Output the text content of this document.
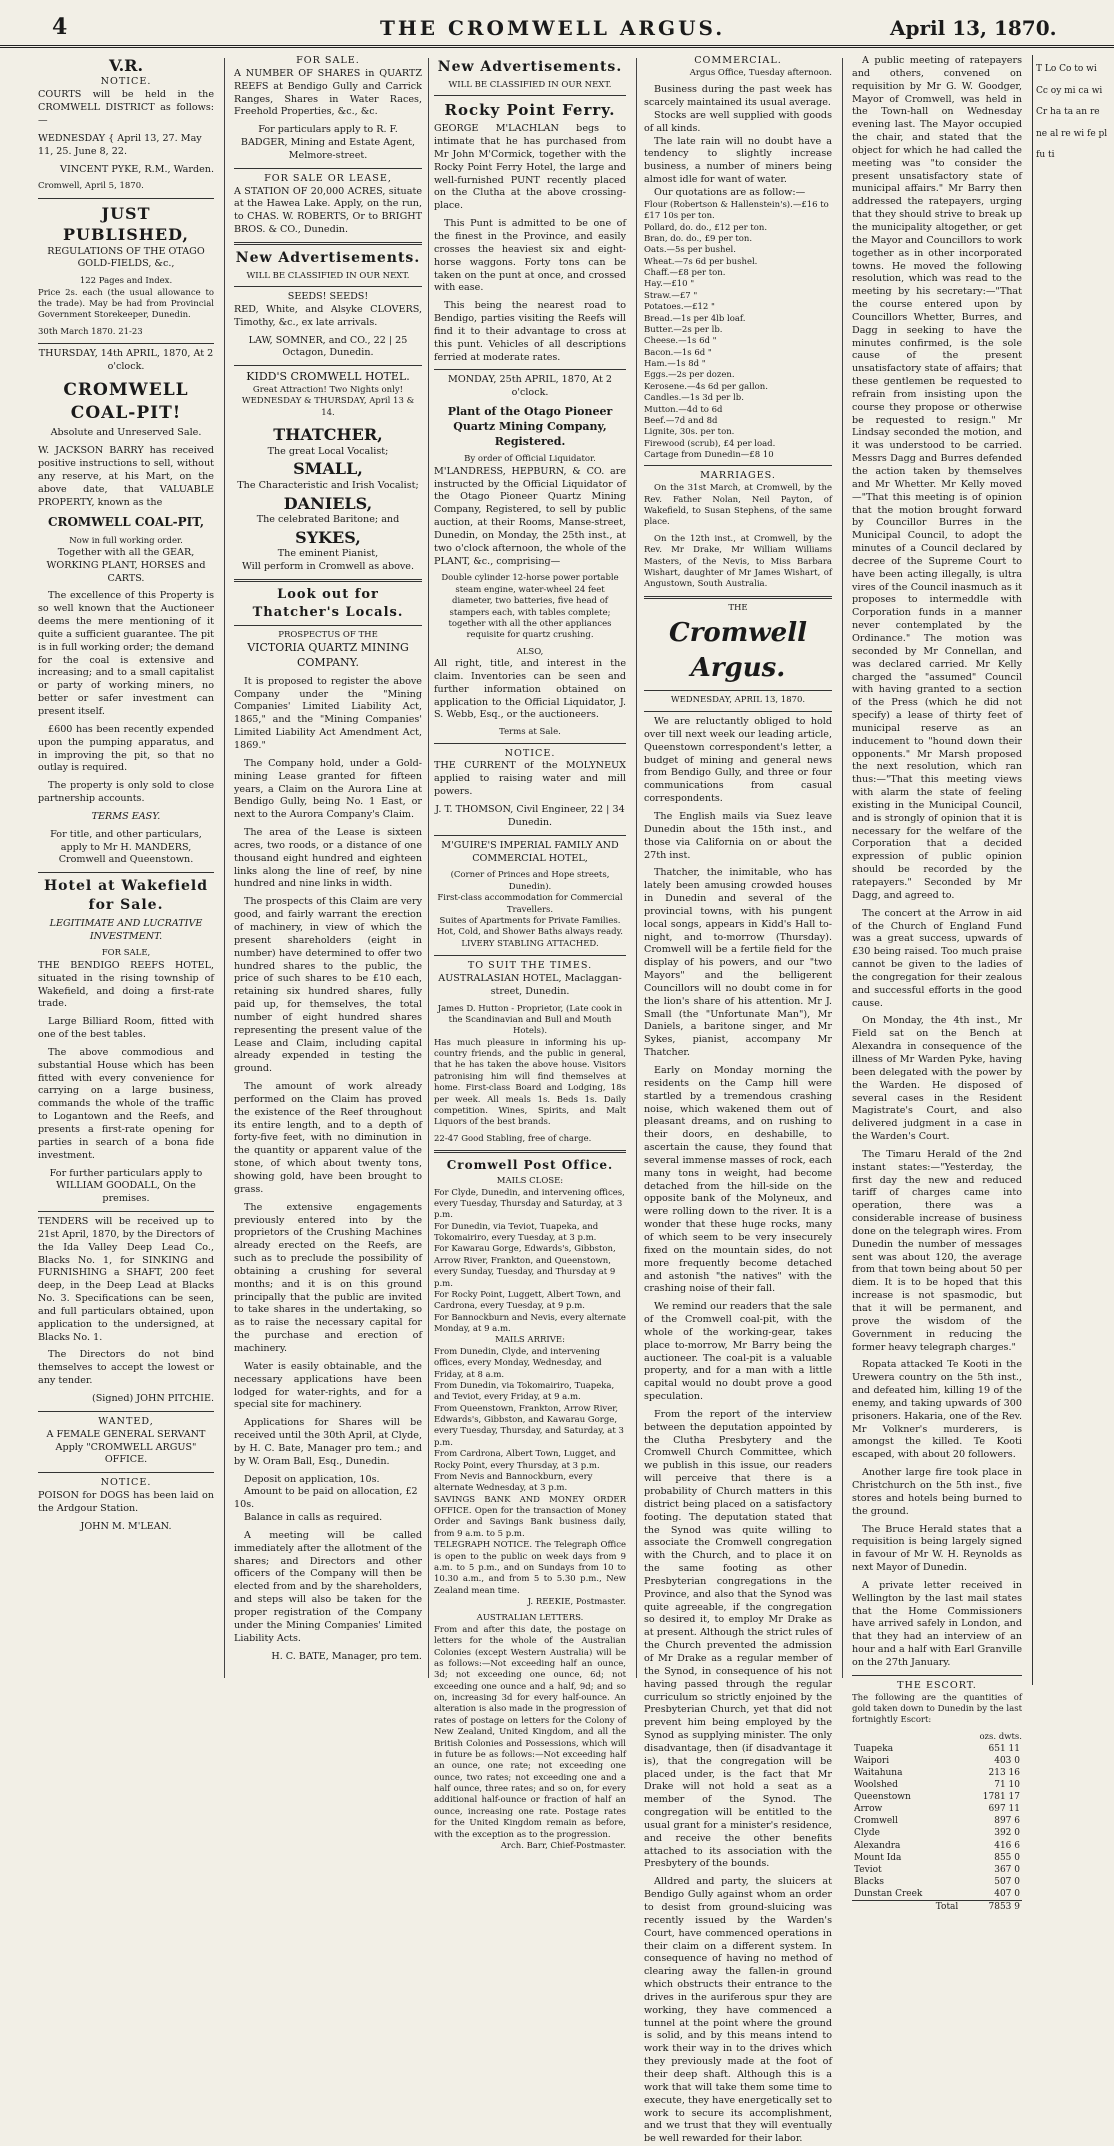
4	THE CROMWELL ARGUS.	April 13, 1870.
V.R.
NOTICE.
COURTS will be held in the CROMWELL DISTRICT as follows:—
WEDNESDAY { April 13, 27. May 11, 25. June 8, 22.
VINCENT PYKE, R.M., Warden.
Cromwell, April 5, 1870.
JUST PUBLISHED,
REGULATIONS OF THE OTAGO GOLD-FIELDS, &c.,
122 Pages and Index.
Price 2s. each (the usual allowance to the trade). May be had from Provincial Government Storekeeper, Dunedin.
30th March 1870. 21-23
THURSDAY, 14th APRIL, 1870, At 2 o'clock.
CROMWELL COAL-PIT!
Absolute and Unreserved Sale.
W. JACKSON BARRY has received positive instructions to sell, without any reserve, at his Mart, on the above date, that VALUABLE PROPERTY, known as the
CROMWELL COAL-PIT,
Now in full working order.
Together with all the GEAR, WORKING PLANT, HORSES and CARTS.
The excellence of this Property is so well known that the Auctioneer deems the mere mentioning of it quite a sufficient guarantee. The pit is in full working order; the demand for the coal is extensive and increasing; and to a small capitalist or party of working miners, no better or safer investment can present itself.
£600 has been recently expended upon the pumping apparatus, and in improving the pit, so that no outlay is required.
The property is only sold to close partnership accounts.
TERMS EASY.
For title, and other particulars, apply to Mr H. MANDERS, Cromwell and Queenstown.
Hotel at Wakefield for Sale.
LEGITIMATE AND LUCRATIVE INVESTMENT.
FOR SALE,
THE BENDIGO REEFS HOTEL, situated in the rising township of Wakefield, and doing a first-rate trade.
Large Billiard Room, fitted with one of the best tables.
The above commodious and substantial House which has been fitted with every convenience for carrying on a large business, commands the whole of the traffic to Logantown and the Reefs, and presents a first-rate opening for parties in search of a bona fide investment.
For further particulars apply to WILLIAM GOODALL, On the premises.
TENDERS will be received up to 21st April, 1870, by the Directors of the Ida Valley Deep Lead Co., Blacks No. 1, for SINKING and FURNISHING a SHAFT, 200 feet deep, in the Deep Lead at Blacks No. 3. Specifications can be seen, and full particulars obtained, upon application to the undersigned, at Blacks No. 1.
The Directors do not bind themselves to accept the lowest or any tender.
(Signed) JOHN PITCHIE.
WANTED,
A FEMALE GENERAL SERVANT Apply "CROMWELL ARGUS" OFFICE.
NOTICE.
POISON for DOGS has been laid on the Ardgour Station.
JOHN M. M'LEAN.
FOR SALE.
A NUMBER OF SHARES in QUARTZ REEFS at Bendigo Gully and Carrick Ranges, Shares in Water Races, Freehold Properties, &c., &c.
For particulars apply to R. F. BADGER, Mining and Estate Agent, Melmore-street.
FOR SALE OR LEASE,
A STATION OF 20,000 ACRES, situate at the Hawea Lake. Apply, on the run, to CHAS. W. ROBERTS, Or to BRIGHT BROS. & CO., Dunedin.
New Advertisements.
WILL BE CLASSIFIED IN OUR NEXT.
SEEDS! SEEDS!
RED, White, and Alsyke CLOVERS, Timothy, &c., ex late arrivals.
LAW, SOMNER, and CO., 22 | 25 Octagon, Dunedin.
KIDD'S CROMWELL HOTEL.
Great Attraction! Two Nights only!
WEDNESDAY & THURSDAY, April 13 & 14.
THATCHER,
The great Local Vocalist;
SMALL,
The Characteristic and Irish Vocalist;
DANIELS,
The celebrated Baritone; and
SYKES,
The eminent Pianist,
Will perform in Cromwell as above.
Look out for Thatcher's Locals.
PROSPECTUS OF THE
VICTORIA QUARTZ MINING COMPANY.
It is proposed to register the above Company under the "Mining Companies' Limited Liability Act, 1865," and the "Mining Companies' Limited Liability Act Amendment Act, 1869."
The Company hold, under a Gold-mining Lease granted for fifteen years, a Claim on the Aurora Line at Bendigo Gully, being No. 1 East, or next to the Aurora Company's Claim.
The area of the Lease is sixteen acres, two roods, or a distance of one thousand eight hundred and eighteen links along the line of reef, by nine hundred and nine links in width.
The prospects of this Claim are very good, and fairly warrant the erection of machinery, in view of which the present shareholders (eight in number) have determined to offer two hundred shares to the public, the price of such shares to be £10 each, retaining six hundred shares, fully paid up, for themselves, the total number of eight hundred shares representing the present value of the Lease and Claim, including capital already expended in testing the ground.
The amount of work already performed on the Claim has proved the existence of the Reef throughout its entire length, and to a depth of forty-five feet, with no diminution in the quantity or apparent value of the stone, of which about twenty tons, showing gold, have been brought to grass.
The extensive engagements previously entered into by the proprietors of the Crushing Machines already erected on the Reefs, are such as to preclude the possibility of obtaining a crushing for several months; and it is on this ground principally that the public are invited to take shares in the undertaking, so as to raise the necessary capital for the purchase and erection of machinery.
Water is easily obtainable, and the necessary applications have been lodged for water-rights, and for a special site for machinery.
Applications for Shares will be received until the 30th April, at Clyde, by H. C. Bate, Manager pro tem.; and by W. Oram Ball, Esq., Dunedin.
Deposit on application, 10s.
Amount to be paid on allocation, £2 10s.
Balance in calls as required.
A meeting will be called immediately after the allotment of the shares; and Directors and other officers of the Company will then be elected from and by the shareholders, and steps will also be taken for the proper registration of the Company under the Mining Companies' Limited Liability Acts.
H. C. BATE, Manager, pro tem.
New Advertisements.
WILL BE CLASSIFIED IN OUR NEXT.
Rocky Point Ferry.
GEORGE M'LACHLAN begs to intimate that he has purchased from Mr John M'Cormick, together with the Rocky Point Ferry Hotel, the large and well-furnished PUNT recently placed on the Clutha at the above crossing-place.
This Punt is admitted to be one of the finest in the Province, and easily crosses the heaviest six and eight-horse waggons. Forty tons can be taken on the punt at once, and crossed with ease.
This being the nearest road to Bendigo, parties visiting the Reefs will find it to their advantage to cross at this punt. Vehicles of all descriptions ferried at moderate rates.
MONDAY, 25th APRIL, 1870, At 2 o'clock.
Plant of the Otago Pioneer Quartz Mining Company, Registered.
By order of Official Liquidator.
M'LANDRESS, HEPBURN, & CO. are instructed by the Official Liquidator of the Otago Pioneer Quartz Mining Company, Registered, to sell by public auction, at their Rooms, Manse-street, Dunedin, on Monday, the 25th inst., at two o'clock afternoon, the whole of the PLANT, &c., comprising—
Double cylinder 12-horse power portable steam engine, water-wheel 24 feet diameter, two batteries, five head of stampers each, with tables complete; together with all the other appliances requisite for quartz crushing.
ALSO,
All right, title, and interest in the claim. Inventories can be seen and further information obtained on application to the Official Liquidator, J. S. Webb, Esq., or the auctioneers.
Terms at Sale.
NOTICE.
THE CURRENT of the MOLYNEUX applied to raising water and mill powers.
J. T. THOMSON, Civil Engineer, 22 | 34 Dunedin.
M'GUIRE'S IMPERIAL FAMILY AND COMMERCIAL HOTEL,
(Corner of Princes and Hope streets, Dunedin).
First-class accommodation for Commercial Travellers.
Suites of Apartments for Private Families.
Hot, Cold, and Shower Baths always ready.
LIVERY STABLING ATTACHED.
TO SUIT THE TIMES.
AUSTRALASIAN HOTEL, Maclaggan-street, Dunedin.
James D. Hutton - Proprietor, (Late cook in the Scandinavian and Bull and Mouth Hotels).
Has much pleasure in informing his up-country friends, and the public in general, that he has taken the above house. Visitors patronising him will find themselves at home. First-class Board and Lodging, 18s per week. All meals 1s. Beds 1s. Daily competition. Wines, Spirits, and Malt Liquors of the best brands.
22-47 Good Stabling, free of charge.
Cromwell Post Office.
MAILS CLOSE:
For Clyde, Dunedin, and intervening offices, every Tuesday, Thursday and Saturday, at 3 p.m.
For Dunedin, via Teviot, Tuapeka, and Tokomairiro, every Tuesday, at 3 p.m.
For Kawarau Gorge, Edwards's, Gibbston, Arrow River, Frankton, and Queenstown, every Sunday, Tuesday, and Thursday at 9 p.m.
For Rocky Point, Luggett, Albert Town, and Cardrona, every Tuesday, at 9 p.m.
For Bannockburn and Nevis, every alternate Monday, at 9 a.m.
MAILS ARRIVE:
From Dunedin, Clyde, and intervening offices, every Monday, Wednesday, and Friday, at 8 a.m.
From Dunedin, via Tokomairiro, Tuapeka, and Teviot, every Friday, at 9 a.m.
From Queenstown, Frankton, Arrow River, Edwards's, Gibbston, and Kawarau Gorge, every Tuesday, Thursday, and Saturday, at 3 p.m.
From Cardrona, Albert Town, Lugget, and Rocky Point, every Thursday, at 3 p.m.
From Nevis and Bannockburn, every alternate Wednesday, at 3 p.m.
SAVINGS BANK AND MONEY ORDER OFFICE. Open for the transaction of Money Order and Savings Bank business daily, from 9 a.m. to 5 p.m.
TELEGRAPH NOTICE. The Telegraph Office is open to the public on week days from 9 a.m. to 5 p.m., and on Sundays from 10 to 10.30 a.m., and from 5 to 5.30 p.m., New Zealand mean time.
J. REEKIE, Postmaster.
AUSTRALIAN LETTERS.
From and after this date, the postage on letters for the whole of the Australian Colonies (except Western Australia) will be as follows:—Not exceeding half an ounce, 3d; not exceeding one ounce, 6d; not exceeding one ounce and a half, 9d; and so on, increasing 3d for every half-ounce. An alteration is also made in the progression of rates of postage on letters for the Colony of New Zealand, United Kingdom, and all the British Colonies and Possessions, which will in future be as follows:—Not exceeding half an ounce, one rate; not exceeding one ounce, two rates; not exceeding one and a half ounce, three rates; and so on, for every additional half-ounce or fraction of half an ounce, increasing one rate. Postage rates for the United Kingdom remain as before, with the exception as to the progression.
Arch. Barr, Chief-Postmaster.
COMMERCIAL.
Argus Office, Tuesday afternoon.
Business during the past week has scarcely maintained its usual average.
Stocks are well supplied with goods of all kinds.
The late rain will no doubt have a tendency to slightly increase business, a number of miners being almost idle for want of water.
Our quotations are as follow:—
Flour (Robertson & Hallenstein's).—£16 to £17 10s per ton.
Pollard, do. do., £12 per ton.
Bran, do. do., £9 per ton.
Oats.—5s per bushel.
Wheat.—7s 6d per bushel.
Chaff.—£8 per ton.
Hay.—£10 "
Straw.—£7 "
Potatoes.—£12 "
Bread.—1s per 4lb loaf.
Butter.—2s per lb.
Cheese.—1s 6d "
Bacon.—1s 6d "
Ham.—1s 8d "
Eggs.—2s per dozen.
Kerosene.—4s 6d per gallon.
Candles.—1s 3d per lb.
Mutton.—4d to 6d
Beef.—7d and 8d
Lignite, 30s. per ton.
Firewood (scrub), £4 per load.
Cartage from Dunedin—£8 10
MARRIAGES.
On the 31st March, at Cromwell, by the Rev. Father Nolan, Neil Payton, of Wakefield, to Susan Stephens, of the same place.
On the 12th inst., at Cromwell, by the Rev. Mr Drake, Mr William Williams Masters, of the Nevis, to Miss Barbara Wishart, daughter of Mr James Wishart, of Angustown, South Australia.
THE
Cromwell Argus.
WEDNESDAY, APRIL 13, 1870.
We are reluctantly obliged to hold over till next week our leading article, Queenstown correspondent's letter, a budget of mining and general news from Bendigo Gully, and three or four communications from casual correspondents.
The English mails via Suez leave Dunedin about the 15th inst., and those via California on or about the 27th inst.
Thatcher, the inimitable, who has lately been amusing crowded houses in Dunedin and several of the provincial towns, with his pungent local songs, appears in Kidd's Hall to-night, and to-morrow (Thursday). Cromwell will be a fertile field for the display of his powers, and our "two Mayors" and the belligerent Councillors will no doubt come in for the lion's share of his attention. Mr J. Small (the "Unfortunate Man"), Mr Daniels, a baritone singer, and Mr Sykes, pianist, accompany Mr Thatcher.
Early on Monday morning the residents on the Camp hill were startled by a tremendous crashing noise, which wakened them out of pleasant dreams, and on rushing to their doors, en deshabille, to ascertain the cause, they found that several immense masses of rock, each many tons in weight, had become detached from the hill-side on the opposite bank of the Molyneux, and were rolling down to the river. It is a wonder that these huge rocks, many of which seem to be very insecurely fixed on the mountain sides, do not more frequently become detached and astonish "the natives" with the crashing noise of their fall.
We remind our readers that the sale of the Cromwell coal-pit, with the whole of the working-gear, takes place to-morrow, Mr Barry being the auctioneer. The coal-pit is a valuable property, and for a man with a little capital would no doubt prove a good speculation.
From the report of the interview between the deputation appointed by the Clutha Presbytery and the Cromwell Church Committee, which we publish in this issue, our readers will perceive that there is a probability of Church matters in this district being placed on a satisfactory footing. The deputation stated that the Synod was quite willing to associate the Cromwell congregation with the Church, and to place it on the same footing as other Presbyterian congregations in the Province, and also that the Synod was quite agreeable, if the congregation so desired it, to employ Mr Drake as at present. Although the strict rules of the Church prevented the admission of Mr Drake as a regular member of the Synod, in consequence of his not having passed through the regular curriculum so strictly enjoined by the Presbyterian Church, yet that did not prevent him being employed by the Synod as supplying minister. The only disadvantage, then (if disadvantage it is), that the congregation will be placed under, is the fact that Mr Drake will not hold a seat as a member of the Synod. The congregation will be entitled to the usual grant for a minister's residence, and receive the other benefits attached to its association with the Presbytery of the bounds.
Alldred and party, the sluicers at Bendigo Gully against whom an order to desist from ground-sluicing was recently issued by the Warden's Court, have commenced operations in their claim on a different system. In consequence of having no method of clearing away the fallen-in ground which obstructs their entrance to the drives in the auriferous spur they are working, they have commenced a tunnel at the point where the ground is solid, and by this means intend to work their way in to the drives which they previously made at the foot of their deep shaft. Although this is a work that will take them some time to execute, they have energetically set to work to secure its accomplishment, and we trust that they will eventually be well rewarded for their labor.
A public meeting of ratepayers and others, convened on requisition by Mr G. W. Goodger, Mayor of Cromwell, was held in the Town-hall on Wednesday evening last. The Mayor occupied the chair, and stated that the object for which he had called the meeting was "to consider the present unsatisfactory state of municipal affairs." Mr Barry then addressed the ratepayers, urging that they should strive to break up the municipality altogether, or get the Mayor and Councillors to work together as in other incorporated towns. He moved the following resolution, which was read to the meeting by his secretary:—"That the course entered upon by Councillors Whetter, Burres, and Dagg in seeking to have the minutes confirmed, is the sole cause of the present unsatisfactory state of affairs; that these gentlemen be requested to refrain from insisting upon the course they propose or otherwise be requested to resign." Mr Lindsay seconded the motion, and it was understood to be carried. Messrs Dagg and Burres defended the action taken by themselves and Mr Whetter. Mr Kelly moved—"That this meeting is of opinion that the motion brought forward by Councillor Burres in the Municipal Council, to adopt the minutes of a Council declared by decree of the Supreme Court to have been acting illegally, is ultra vires of the Council inasmuch as it proposes to intermeddle with Corporation funds in a manner never contemplated by the Ordinance." The motion was seconded by Mr Connellan, and was declared carried. Mr Kelly charged the "assumed" Council with having granted to a section of the Press (which he did not specify) a lease of thirty feet of municipal reserve as an inducement to "hound down their opponents." Mr Marsh proposed the next resolution, which ran thus:—"That this meeting views with alarm the state of feeling existing in the Municipal Council, and is strongly of opinion that it is necessary for the welfare of the Corporation that a decided expression of public opinion should be recorded by the ratepayers." Seconded by Mr Dagg, and agreed to.
The concert at the Arrow in aid of the Church of England Fund was a great success, upwards of £30 being raised. Too much praise cannot be given to the ladies of the congregation for their zealous and successful efforts in the good cause.
On Monday, the 4th inst., Mr Field sat on the Bench at Alexandra in consequence of the illness of Mr Warden Pyke, having been delegated with the power by the Warden. He disposed of several cases in the Resident Magistrate's Court, and also delivered judgment in a case in the Warden's Court.
The Timaru Herald of the 2nd instant states:—"Yesterday, the first day the new and reduced tariff of charges came into operation, there was a considerable increase of business done on the telegraph wires. From Dunedin the number of messages sent was about 120, the average from that town being about 50 per diem. It is to be hoped that this increase is not spasmodic, but that it will be permanent, and prove the wisdom of the Government in reducing the former heavy telegraph charges."
Ropata attacked Te Kooti in the Urewera country on the 5th inst., and defeated him, killing 19 of the enemy, and taking upwards of 300 prisoners. Hakaria, one of the Rev. Mr Volkner's murderers, is amongst the killed. Te Kooti escaped, with about 20 followers.
Another large fire took place in Christchurch on the 5th inst., five stores and hotels being burned to the ground.
The Bruce Herald states that a requisition is being largely signed in favour of Mr W. H. Reynolds as next Mayor of Dunedin.
A private letter received in Wellington by the last mail states that the Home Commissioners have arrived safely in London, and that they had an interview of an hour and a half with Earl Granville on the 27th January.
THE ESCORT.
The following are the quantities of gold taken down to Dunedin by the last fortnightly Escort:
ozs. dwts.
Tuapeka	651 11
Waipori	403 0
Waitahuna	213 16
Woolshed	71 10
Queenstown	1781 17
Arrow	697 11
Cromwell	897 6
Clyde	392 0
Alexandra	416 6
Mount Ida	855 0
Teviot	367 0
Blacks	507 0
Dunstan Creek	407 0
Total	7853 9
T Lo Co to wi Cc oy mi ca wi Cr ha ta an re ne al re wi fe pl fu ti
